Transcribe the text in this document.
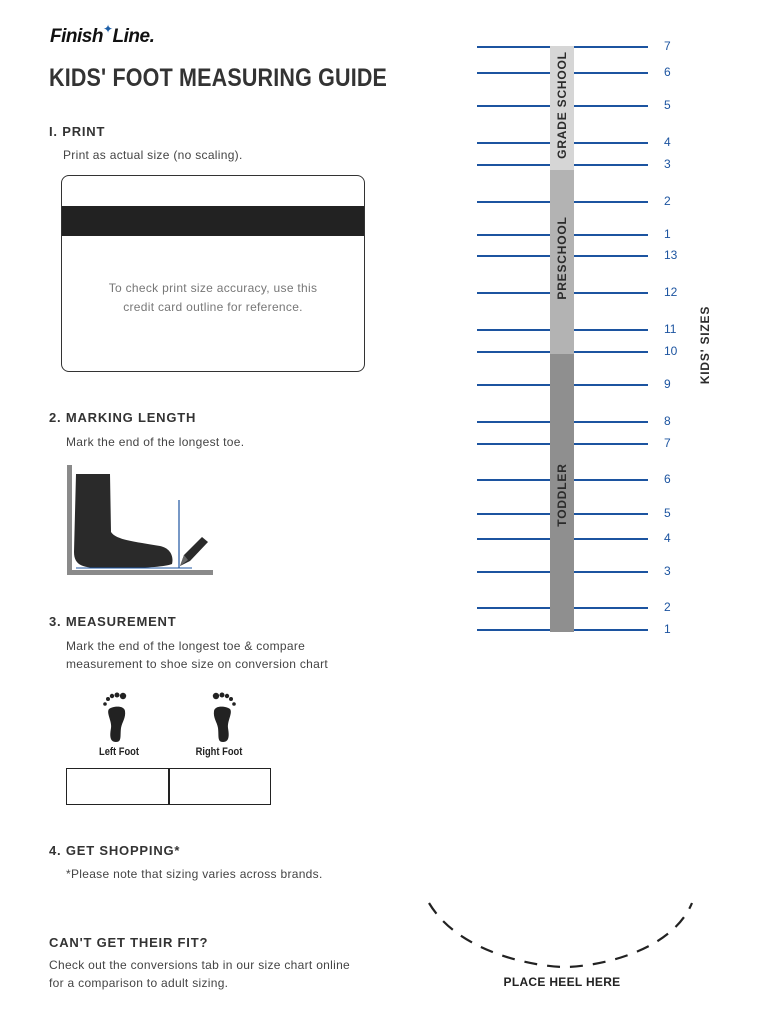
Finish✦Line.
KIDS' FOOT MEASURING GUIDE
I. PRINT
Print as actual size (no scaling).
To check print size accuracy, use this
credit card outline for reference.
2. MARKING LENGTH
Mark the end of the longest toe.
3. MEASUREMENT
Mark the end of the longest toe & compare
measurement to shoe size on conversion chart
Left Foot	Right Foot
4. GET SHOPPING*
*Please note that sizing varies across brands.
CAN'T GET THEIR FIT?
Check out the conversions tab in our size chart online
for a comparison to adult sizing.
GRADE SCHOOL
PRESCHOOL
TODDLER
7
6
5
4
3
2
1
13
12
11
10
9
8
7
6
5
4
3
2
1
KIDS' SIZES
PLACE HEEL HERE
